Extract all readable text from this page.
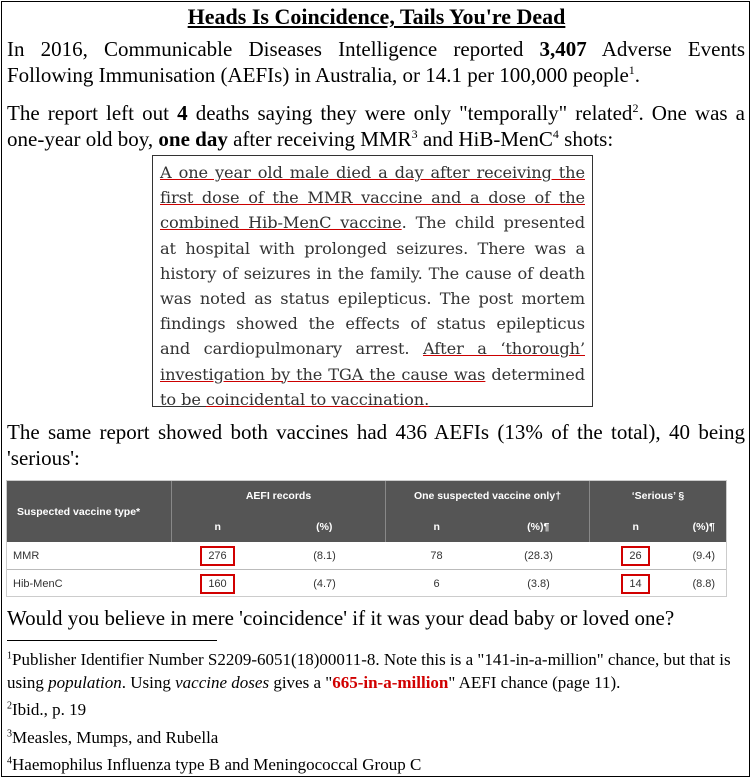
Heads Is Coincidence, Tails You're Dead
In 2016, Communicable Diseases Intelligence reported 3,407 Adverse Events Following Immunisation (AEFIs) in Australia, or 14.1 per 100,000 people$^1$.
The report left out 4 deaths saying they were only "temporally" related$^2$. One was a one-year old boy, one day after receiving MMR$^3$ and HiB-MenC$^4$ shots:
A one year old male died a day after receiving the first dose of the MMR vaccine and a dose of the combined Hib-MenC vaccine. The child presented at hospital with prolonged seizures. There was a history of seizures in the family. The cause of death was noted as status epilepticus. The post mortem findings showed the effects of status epilepticus and cardiopulmonary arrest. After a ‘thorough’ investigation by the TGA the cause was determined to be coincidental to vaccination.
The same report showed both vaccines had 436 AEFIs (13% of the total), 40 being 'serious':
Suspected vaccine type*	AEFI records		One suspected vaccine only†		‘Serious’ §	
	n	(%)	n	(%)¶	n	(%)¶
MMR	276	(8.1)	78	(28.3)	26	(9.4)
Hib-MenC	160	(4.7)	6	(3.8)	14	(8.8)
Would you believe in mere 'coincidence' if it was your dead baby or loved one?
$^1$Publisher Identifier Number S2209-6051(18)00011-8. Note this is a "141-in-a-million" chance, but that is using population. Using vaccine doses gives a "665-in-a-million" AEFI chance (page 11).
$^2$Ibid., p. 19
$^3$Measles, Mumps, and Rubella
$^4$Haemophilus Influenza type B and Meningococcal Group C
